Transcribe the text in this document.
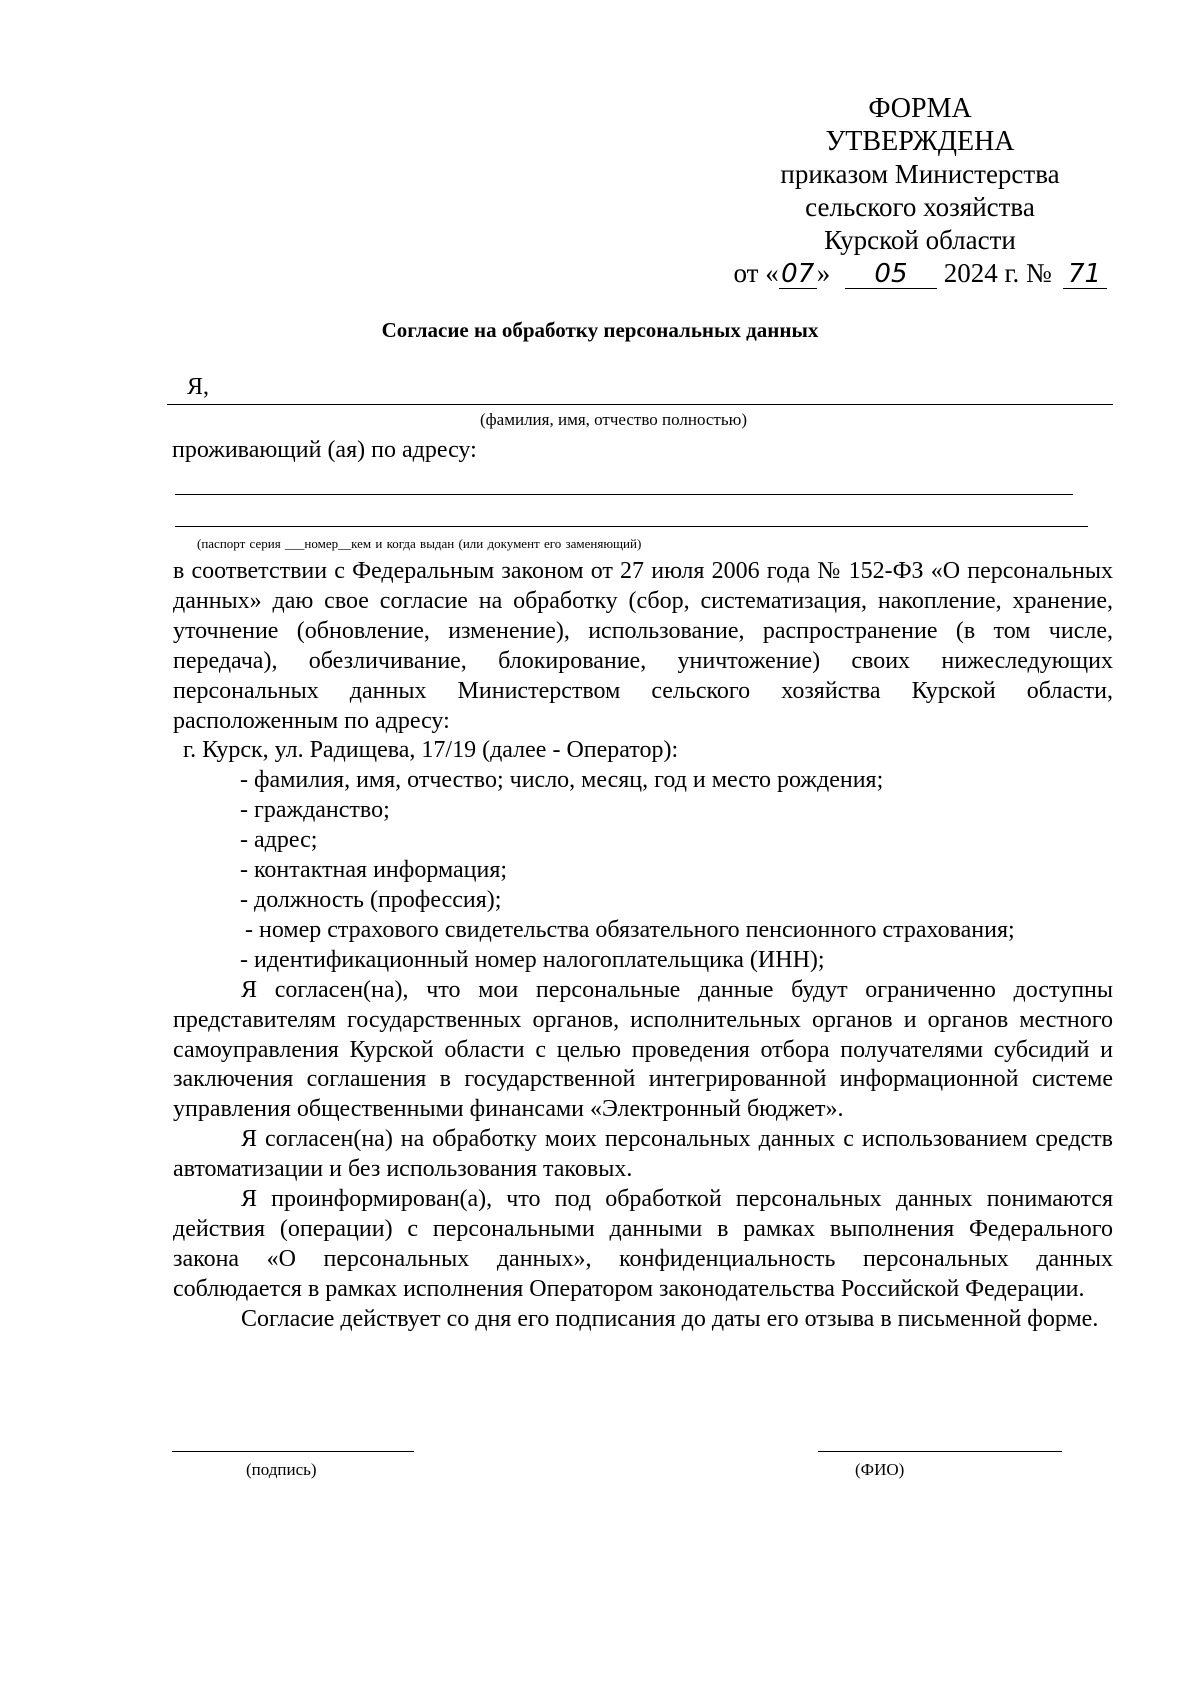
ФОРМА
УТВЕРЖДЕНА
приказом Министерства
сельского хозяйства
Курской области
от «07» 05 2024 г. № 71
Согласие на обработку персональных данных
Я,
(фамилия, имя, отчество полностью)
проживающий (ая) по адресу:
(паспорт серия ___номер__кем и когда выдан (или документ его заменяющий)

в соответствии с Федеральным законом от 27 июля 2006 года № 152-ФЗ «О персональных данных» даю свое согласие на обработку (сбор, систематизация, накопление, хранение, уточнение (обновление, изменение), использование, распространение (в том числе, передача), обезличивание, блокирование, уничтожение) своих нижеследующих персональных данных Министерством сельского хозяйства Курской области, расположенным по адресу:

г. Курск, ул. Радищева, 17/19 (далее - Оператор):

- фамилия, имя, отчество; число, месяц, год и место рождения;
- гражданство;
- адрес;
- контактная информация;
- должность (профессия);
- номер страхового свидетельства обязательного пенсионного страхования;
- идентификационный номер налогоплательщика (ИНН);

Я согласен(на), что мои персональные данные будут ограниченно доступны представителям государственных органов, исполнительных органов и органов местного самоуправления Курской области с целью проведения отбора получателями субсидий и заключения соглашения в государственной интегрированной информационной системе управления общественными финансами «Электронный бюджет».

Я согласен(на) на обработку моих персональных данных с использованием средств автоматизации и без использования таковых.

Я проинформирован(а), что под обработкой персональных данных понимаются действия (операции) с персональными данными в рамках выполнения Федерального закона «О персональных данных», конфиденциальность персональных данных соблюдается в рамках исполнения Оператором законодательства Российской Федерации.

Согласие действует со дня его подписания до даты его отзыва в письменной форме.

(подпись)	(ФИО)
